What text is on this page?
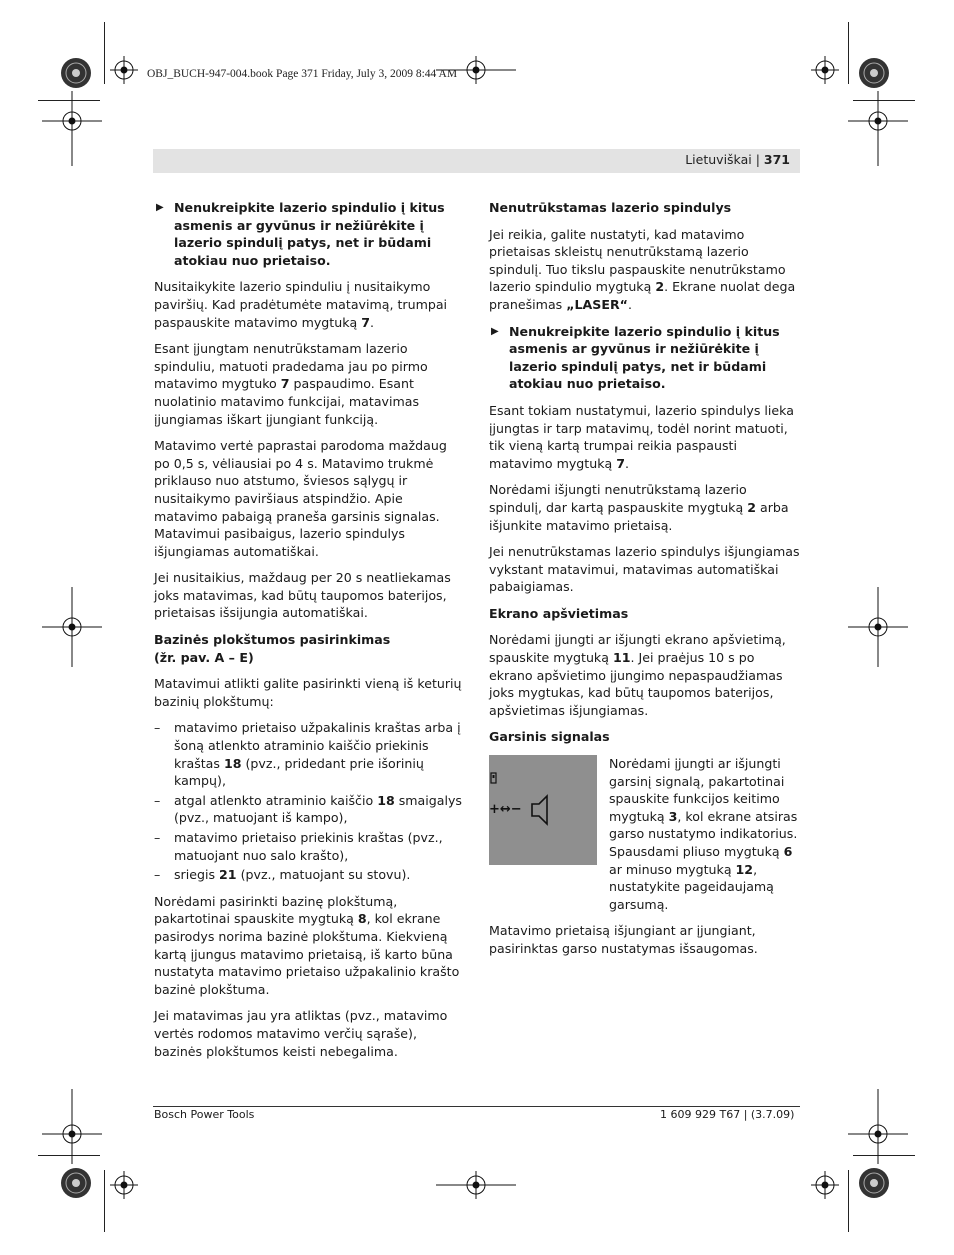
OBJ_BUCH-947-004.book Page 371 Friday, July 3, 2009 8:44 AM
Lietuviškai | 371
▶ Nenukreipkite lazerio spindulio į kitus asmenis ar gyvūnus ir nežiūrėkite į lazerio spindulį patys, net ir būdami atokiau nuo prietaiso.

Nusitaikykite lazerio spinduliu į nusitaikymo paviršių. Kad pradėtumėte matavimą, trumpai paspauskite matavimo mygtuką 7.

Esant įjungtam nenutrūkstamam lazerio spinduliu, matuoti pradedama jau po pirmo matavimo mygtuko 7 paspaudimo. Esant nuolatinio matavimo funkcijai, matavimas įjungiamas iškart įjungiant funkciją.

Matavimo vertė paprastai parodoma maždaug po 0,5 s, vėliausiai po 4 s. Matavimo trukmė priklauso nuo atstumo, šviesos sąlygų ir nusitaikymo paviršiaus atspindžio. Apie matavimo pabaigą praneša garsinis signalas. Matavimui pasibaigus, lazerio spindulys išjungiamas automatiškai.

Jei nusitaikius, maždaug per 20 s neatliekamas joks matavimas, kad būtų taupomos baterijos, prietaisas išsijungia automatiškai.

Bazinės plokštumos pasirinkimas
(žr. pav. A – E)

Matavimui atlikti galite pasirinkti vieną iš keturių bazinių plokštumų:

– matavimo prietaiso užpakalinis kraštas arba į šoną atlenkto atraminio kaiščio priekinis kraštas 18 (pvz., pridedant prie išorinių kampų),
– atgal atlenkto atraminio kaiščio 18 smaigalys (pvz., matuojant iš kampo),
– matavimo prietaiso priekinis kraštas (pvz., matuojant nuo salo krašto),
– sriegis 21 (pvz., matuojant su stovu).

Norėdami pasirinkti bazinę plokštumą, pakartotinai spauskite mygtuką 8, kol ekrane pasirodys norima bazinė plokštuma. Kiekvieną kartą įjungus matavimo prietaisą, iš karto būna nustatyta matavimo prietaiso užpakalinio krašto bazinė plokštuma.

Jei matavimas jau yra atliktas (pvz., matavimo vertės rodomos matavimo verčių sąraše), bazinės plokštumos keisti nebegalima.

Nenutrūkstamas lazerio spindulys

Jei reikia, galite nustatyti, kad matavimo prietaisas skleistų nenutrūkstamą lazerio spindulį. Tuo tikslu paspauskite nenutrūkstamo lazerio spindulio mygtuką 2. Ekrane nuolat dega pranešimas „LASER“.

▶ Nenukreipkite lazerio spindulio į kitus asmenis ar gyvūnus ir nežiūrėkite į lazerio spindulį patys, net ir būdami atokiau nuo prietaiso.

Esant tokiam nustatymui, lazerio spindulys lieka įjungtas ir tarp matavimų, todėl norint matuoti, tik vieną kartą trumpai reikia paspausti matavimo mygtuką 7.

Norėdami išjungti nenutrūkstamą lazerio spindulį, dar kartą paspauskite mygtuką 2 arba išjunkite matavimo prietaisą.

Jei nenutrūkstamas lazerio spindulys išjungiamas vykstant matavimui, matavimas automatiškai pabaigiamas.

Ekrano apšvietimas

Norėdami įjungti ar išjungti ekrano apšvietimą, spauskite mygtuką 11. Jei praėjus 10 s po ekrano apšvietimo įjungimo nepaspaudžiamas joks mygtukas, kad būtų taupomos baterijos, apšvietimas išjungiamas.

Garsinis signalas
+↔−
Norėdami įjungti ar išjungti garsinį signalą, pakartotinai spauskite funkcijos keitimo mygtuką 3, kol ekrane atsiras garso nustatymo indikatorius. Spausdami pliuso mygtuką 6 ar minuso mygtuką 12, nustatykite pageidaujamą garsumą.

Matavimo prietaisą išjungiant ar įjungiant, pasirinktas garso nustatymas išsaugomas.

Bosch Power Tools	1 609 929 T67 | (3.7.09)
